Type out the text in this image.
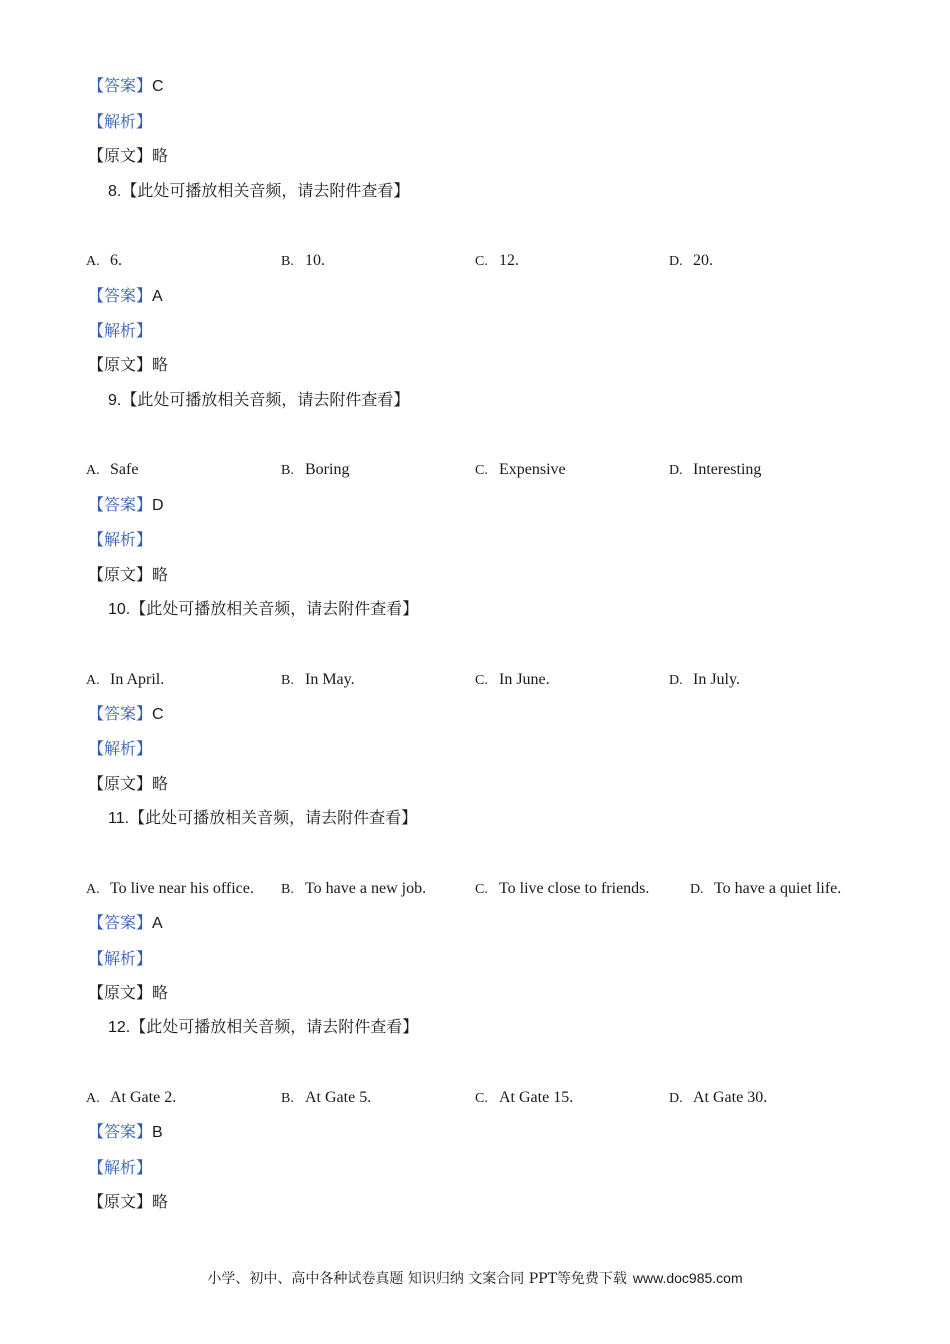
【答案】C
【解析】
【原文】略
8.【此处可播放相关音频，请去附件查看】
A. 6.	B. 10.	C. 12.	D. 20.
【答案】A
【解析】
【原文】略
9.【此处可播放相关音频，请去附件查看】
A. Safe	B. Boring	C. Expensive	D. Interesting
【答案】D
【解析】
【原文】略
10.【此处可播放相关音频，请去附件查看】
A. In April.	B. In May.	C. In June.	D. In July.
【答案】C
【解析】
【原文】略
11.【此处可播放相关音频，请去附件查看】
A. To live near his office. B. To have a new job.	C. To live close to friends.	D. To have a quiet life.
【答案】A
【解析】
【原文】略
12.【此处可播放相关音频，请去附件查看】
A. At Gate 2.	B. At Gate 5.	C. At Gate 15.	D. At Gate 30.
【答案】B
【解析】
【原文】略
小学、初中、高中各种试卷真题 知识归纳 文案合同 PPT等免费下载 www.doc985.com
